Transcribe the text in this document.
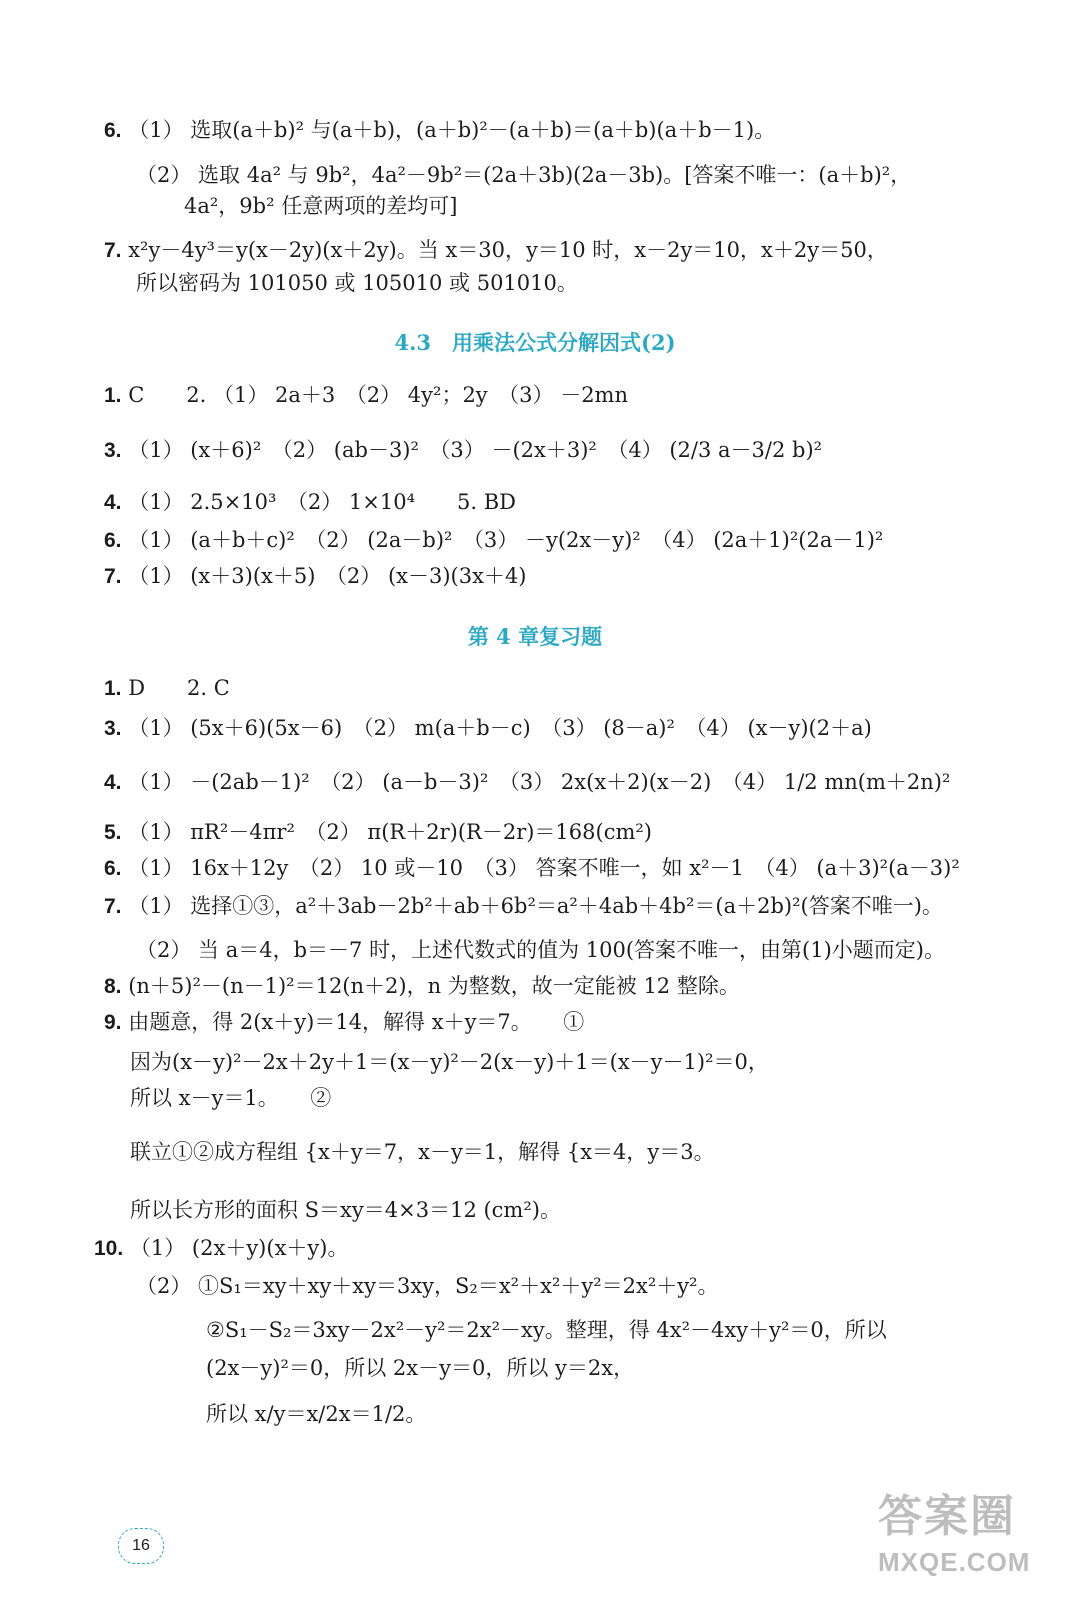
6. （1） 选取(a＋b)² 与(a＋b)，(a＋b)²－(a＋b)＝(a＋b)(a＋b－1)。
（2） 选取 4a² 与 9b²，4a²－9b²＝(2a＋3b)(2a－3b)。[答案不唯一：(a＋b)²，
4a²，9b² 任意两项的差均可]
7. x²y－4y³＝y(x－2y)(x＋2y)。当 x＝30，y＝10 时，x－2y＝10，x＋2y＝50，
所以密码为 101050 或 105010 或 501010。
4.3　用乘法公式分解因式(2)
1. C　　2. （1） 2a＋3　（2） 4y²；2y　（3） －2mn
3. （1） (x＋6)²　（2） (ab－3)²　（3） －(2x＋3)²　（4） (2/3 a－3/2 b)²
4. （1） 2.5×10³　（2） 1×10⁴　　5. BD
6. （1） (a＋b＋c)²　（2） (2a－b)²　（3） －y(2x－y)²　（4） (2a＋1)²(2a－1)²
7. （1） (x＋3)(x＋5)　（2） (x－3)(3x＋4)
第 4 章复习题
1. D　　2. C
3. （1） (5x＋6)(5x－6)　（2） m(a＋b－c)　（3） (8－a)²　（4） (x－y)(2＋a)
4. （1） －(2ab－1)²　（2） (a－b－3)²　（3） 2x(x＋2)(x－2)　（4） 1/2 mn(m＋2n)²
5. （1） πR²－4πr²　（2） π(R＋2r)(R－2r)＝168(cm²)
6. （1） 16x＋12y　（2） 10 或－10　（3） 答案不唯一，如 x²－1　（4） (a＋3)²(a－3)²
7. （1） 选择①③，a²＋3ab－2b²＋ab＋6b²＝a²＋4ab＋4b²＝(a＋2b)²(答案不唯一)。
（2） 当 a＝4，b＝－7 时，上述代数式的值为 100(答案不唯一，由第(1)小题而定)。
8. (n＋5)²－(n－1)²＝12(n＋2)，n 为整数，故一定能被 12 整除。
9. 由题意，得 2(x＋y)＝14，解得 x＋y＝7。　　①
因为(x－y)²－2x＋2y＋1＝(x－y)²－2(x－y)＋1＝(x－y－1)²＝0，
所以 x－y＝1。　　②
联立①②成方程组 {x＋y＝7，x－y＝1，解得 {x＝4，y＝3。
所以长方形的面积 S＝xy＝4×3＝12 (cm²)。
10. （1） (2x＋y)(x＋y)。
（2） ①S₁＝xy＋xy＋xy＝3xy，S₂＝x²＋x²＋y²＝2x²＋y²。
②S₁－S₂＝3xy－2x²－y²＝2x²－xy。整理，得 4x²－4xy＋y²＝0，所以
(2x－y)²＝0，所以 2x－y＝0，所以 y＝2x，
所以 x/y＝x/2x＝1/2。
16
答案圈
MXQE.COM
